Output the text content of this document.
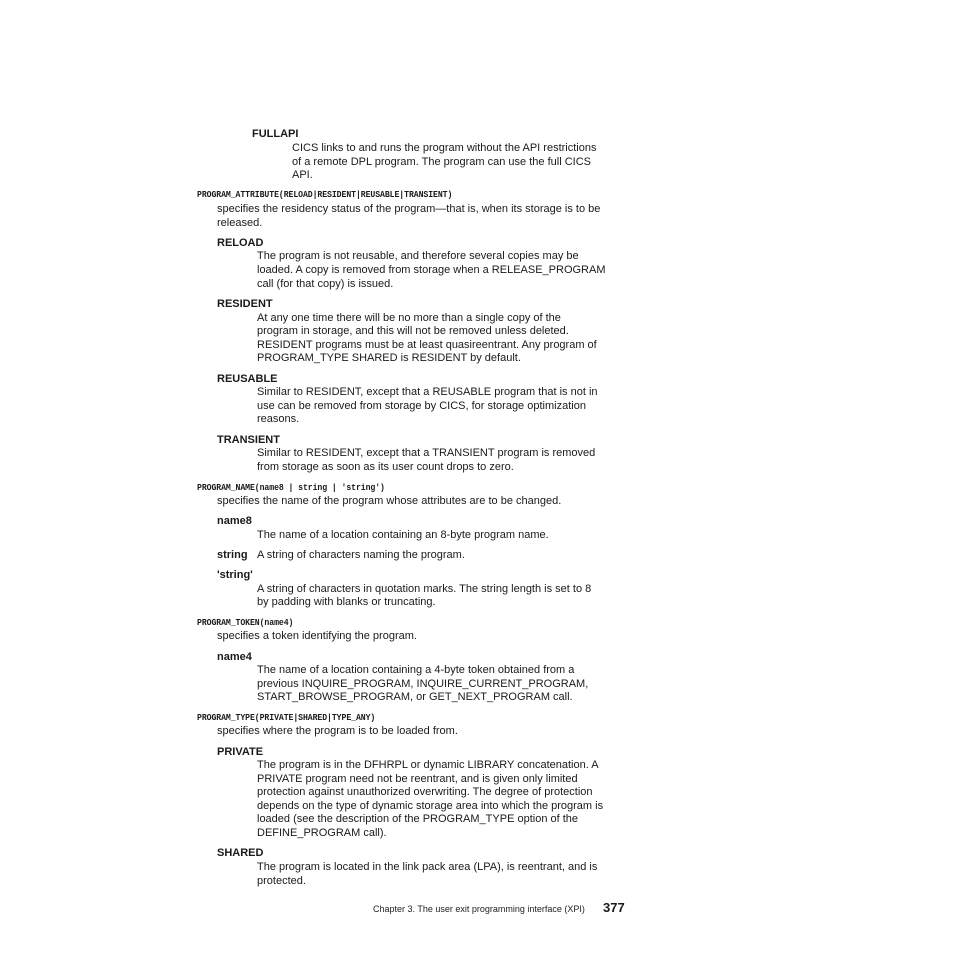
FULLAPI
CICS links to and runs the program without the API restrictions
of a remote DPL program. The program can use the full CICS
API.
PROGRAM_ATTRIBUTE(RELOAD|RESIDENT|REUSABLE|TRANSIENT)
specifies the residency status of the program—that is, when its storage is to be
released.
RELOAD
The program is not reusable, and therefore several copies may be
loaded. A copy is removed from storage when a RELEASE_PROGRAM
call (for that copy) is issued.
RESIDENT
At any one time there will be no more than a single copy of the
program in storage, and this will not be removed unless deleted.
RESIDENT programs must be at least quasireentrant. Any program of
PROGRAM_TYPE SHARED is RESIDENT by default.
REUSABLE
Similar to RESIDENT, except that a REUSABLE program that is not in
use can be removed from storage by CICS, for storage optimization
reasons.
TRANSIENT
Similar to RESIDENT, except that a TRANSIENT program is removed
from storage as soon as its user count drops to zero.
PROGRAM_NAME(name8 | string | 'string')
specifies the name of the program whose attributes are to be changed.
name8
The name of a location containing an 8-byte program name.
string A string of characters naming the program.
'string'
A string of characters in quotation marks. The string length is set to 8
by padding with blanks or truncating.
PROGRAM_TOKEN(name4)
specifies a token identifying the program.
name4
The name of a location containing a 4-byte token obtained from a
previous INQUIRE_PROGRAM, INQUIRE_CURRENT_PROGRAM,
START_BROWSE_PROGRAM, or GET_NEXT_PROGRAM call.
PROGRAM_TYPE(PRIVATE|SHARED|TYPE_ANY)
specifies where the program is to be loaded from.
PRIVATE
The program is in the DFHRPL or dynamic LIBRARY concatenation. A
PRIVATE program need not be reentrant, and is given only limited
protection against unauthorized overwriting. The degree of protection
depends on the type of dynamic storage area into which the program is
loaded (see the description of the PROGRAM_TYPE option of the
DEFINE_PROGRAM call).
SHARED
The program is located in the link pack area (LPA), is reentrant, and is
protected.
Chapter 3. The user exit programming interface (XPI) 377
